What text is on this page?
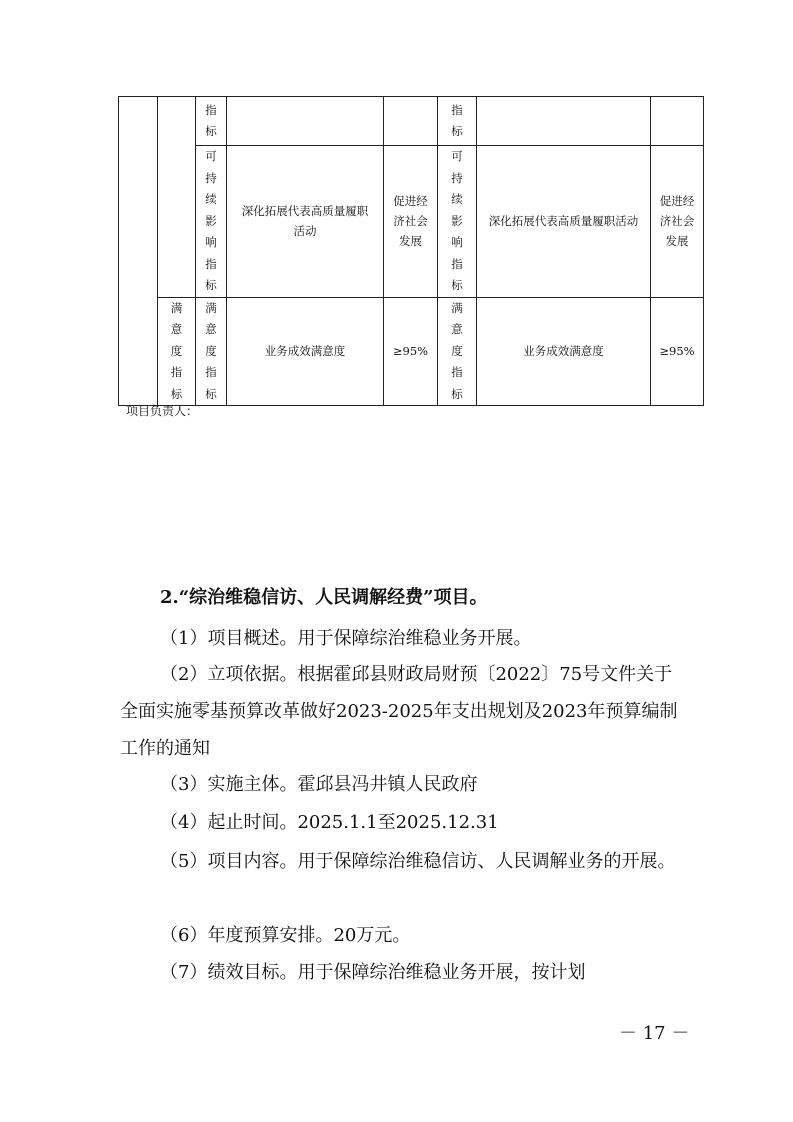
		指标			指标		
		可持续影响指标	深化拓展代表高质量履职活动	促进经济社会发展	可持续影响指标	深化拓展代表高质量履职活动	促进经济社会发展
	满意度指标	满意度指标	业务成效满意度	≥95%	满意度指标	业务成效满意度	≥95%
项目负责人：
2.“综治维稳信访、人民调解经费”项目。
（1）项目概述。用于保障综治维稳业务开展。
（2）立项依据。根据霍邱县财政局财预〔2022〕75号文件关于全面实施零基预算改革做好2023-2025年支出规划及2023年预算编制工作的通知
（3）实施主体。霍邱县冯井镇人民政府
（4）起止时间。2025.1.1至2025.12.31
（5）项目内容。用于保障综治维稳信访、人民调解业务的开展。
（6）年度预算安排。20万元。
（7）绩效目标。用于保障综治维稳业务开展，按计划
－ 17 －
